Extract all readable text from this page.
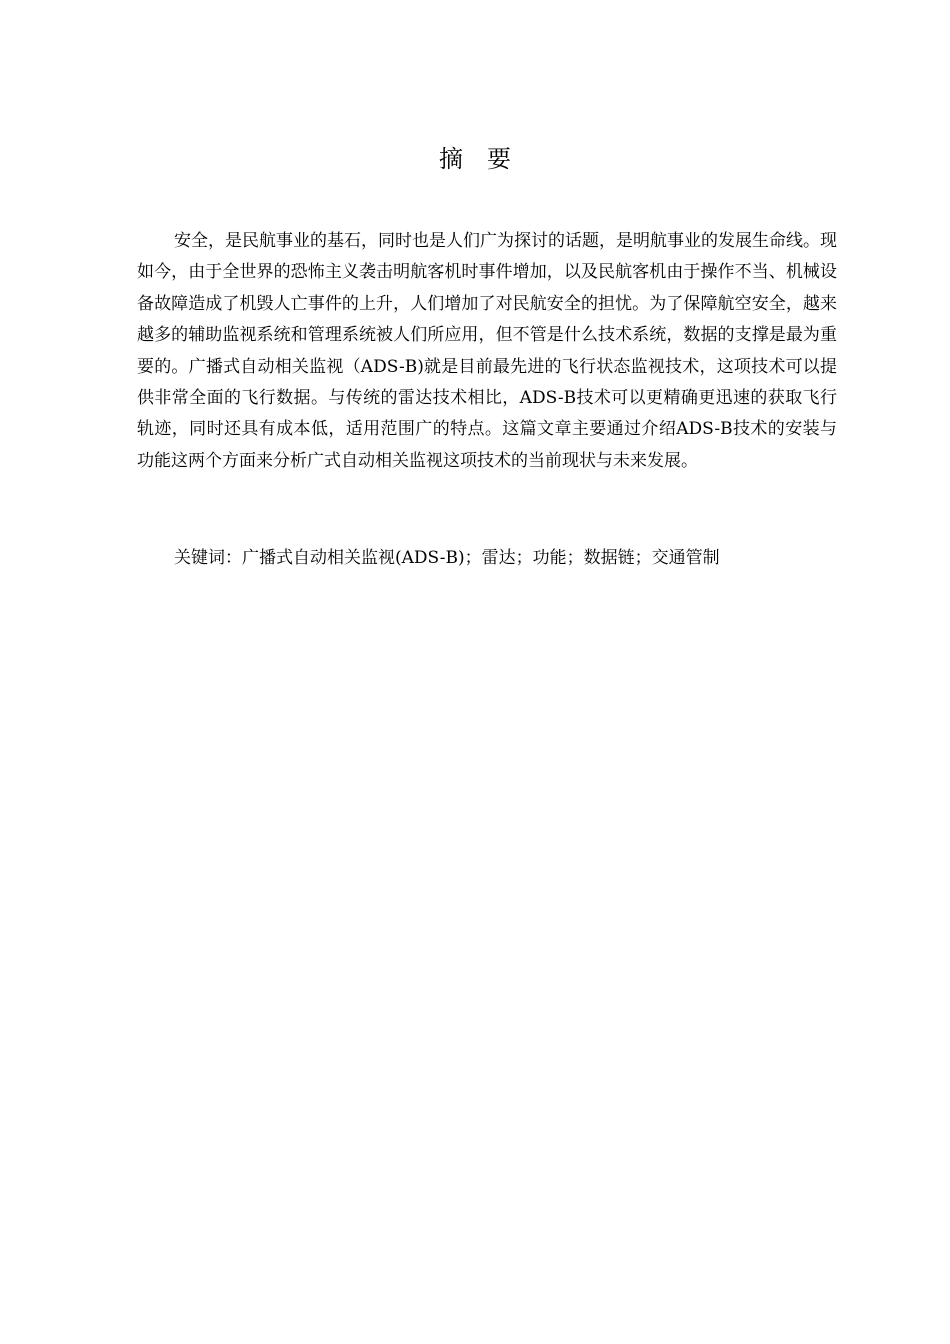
摘要

安全，是民航事业的基石，同时也是人们广为探讨的话题，是明航事业的发展生命线。现如今，由于全世界的恐怖主义袭击明航客机时事件增加，以及民航客机由于操作不当、机械设备故障造成了机毁人亡事件的上升，人们增加了对民航安全的担忧。为了保障航空安全，越来越多的辅助监视系统和管理系统被人们所应用，但不管是什么技术系统，数据的支撑是最为重要的。广播式自动相关监视（ADS-B)就是目前最先进的飞行状态监视技术，这项技术可以提供非常全面的飞行数据。与传统的雷达技术相比，ADS-B技术可以更精确更迅速的获取飞行轨迹，同时还具有成本低，适用范围广的特点。这篇文章主要通过介绍ADS-B技术的安装与功能这两个方面来分析广式自动相关监视这项技术的当前现状与未来发展。

关键词：广播式自动相关监视(ADS-B)；雷达；功能；数据链；交通管制
